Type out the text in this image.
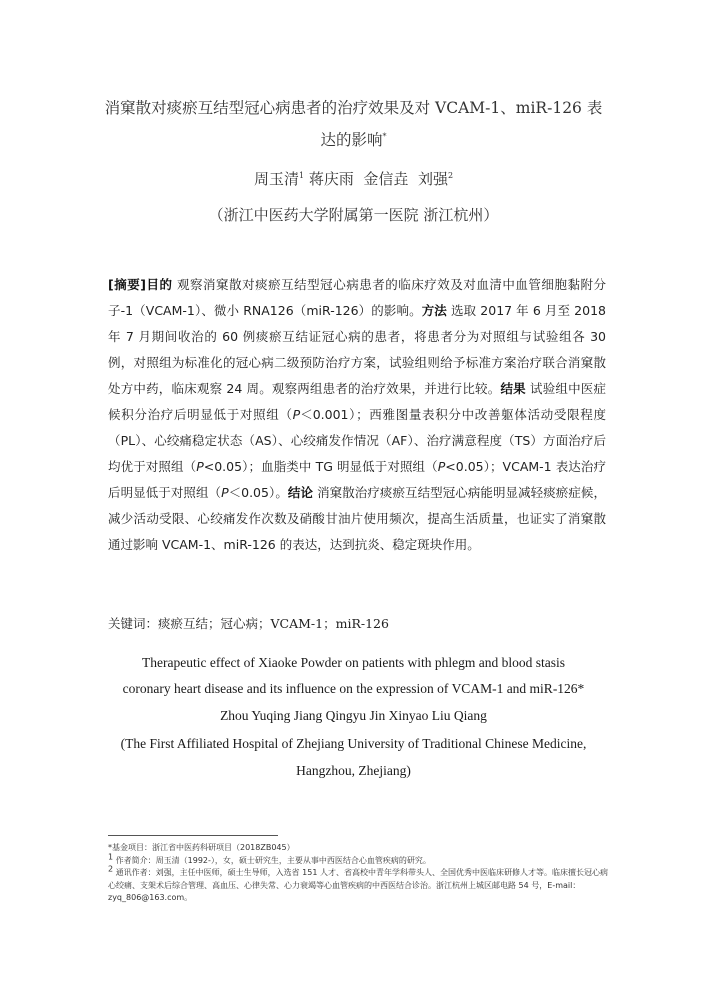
消窠散对痰瘀互结型冠心病患者的治疗效果及对 VCAM-1、miR-126 表
达的影响*
周玉清$^1$ 蒋庆雨 金信垚 刘强$^2$
（浙江中医药大学附属第一医院 浙江杭州）
[摘要]目的 观察消窠散对痰瘀互结型冠心病患者的临床疗效及对血清中血管细胞黏附分子-1（VCAM-1）、微小 RNA126（miR-126）的影响。方法 选取 2017 年 6 月至 2018 年 7 月期间收治的 60 例痰瘀互结证冠心病的患者，将患者分为对照组与试验组各 30 例，对照组为标准化的冠心病二级预防治疗方案，试验组则给予标准方案治疗联合消窠散处方中药，临床观察 24 周。观察两组患者的治疗效果，并进行比较。结果 试验组中医症候积分治疗后明显低于对照组（P＜0.001）；西雅图量表积分中改善躯体活动受限程度（PL）、心绞痛稳定状态（AS）、心绞痛发作情况（AF）、治疗满意程度（TS）方面治疗后均优于对照组（P<0.05）；血脂类中 TG 明显低于对照组（P<0.05）；VCAM-1 表达治疗后明显低于对照组（P＜0.05）。结论 消窠散治疗痰瘀互结型冠心病能明显减轻痰瘀症候，减少活动受限、心绞痛发作次数及硝酸甘油片使用频次，提高生活质量，也证实了消窠散通过影响 VCAM-1、miR-126 的表达，达到抗炎、稳定斑块作用。
关键词：痰瘀互结；冠心病；VCAM-1；miR-126
Therapeutic effect of Xiaoke Powder on patients with phlegm and blood stasis
coronary heart disease and its influence on the expression of VCAM-1 and miR-126*
Zhou Yuqing Jiang Qingyu Jin Xinyao Liu Qiang
(The First Affiliated Hospital of Zhejiang University of Traditional Chinese Medicine,
Hangzhou, Zhejiang)

*基金项目：浙江省中医药科研项目（2018ZB045）

$^1$ 作者简介：周玉清（1992-），女，硕士研究生，主要从事中西医结合心血管疾病的研究。

$^2$ 通讯作者：刘强，主任中医师，硕士生导师，入选省 151 人才、省高校中青年学科带头人、全国优秀中医临床研修人才等。临床擅长冠心病心绞痛、支架术后综合管理、高血压、心律失常、心力衰竭等心血管疾病的中西医结合诊治。浙江杭州上城区邮电路 54 号，E-mail：zyq_806@163.com。
